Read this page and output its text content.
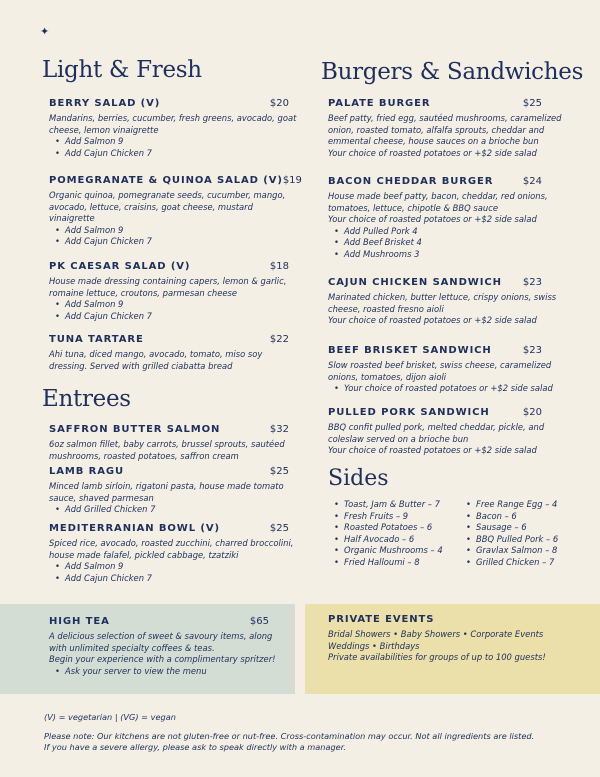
✦
Light & Fresh
BERRY SALAD (V)	$20
Mandarins, berries, cucumber, fresh greens, avocado, goat
cheese, lemon vinaigrette
• Add Salmon 9
• Add Cajun Chicken 7
POMEGRANATE & QUINOA SALAD (V) $19
Organic quinoa, pomegranate seeds, cucumber, mango,
avocado, lettuce, craisins, goat cheese, mustard
vinaigrette
• Add Salmon 9
• Add Cajun Chicken 7
PK CAESAR SALAD (V)	$18
House made dressing containing capers, lemon & garlic,
romaine lettuce, croutons, parmesan cheese
• Add Salmon 9
• Add Cajun Chicken 7
TUNA TARTARE	$22
Ahi tuna, diced mango, avocado, tomato, miso soy
dressing. Served with grilled ciabatta bread
Entrees
SAFFRON BUTTER SALMON	$32
6oz salmon fillet, baby carrots, brussel sprouts, sautéed
mushrooms, roasted potatoes, saffron cream
LAMB RAGU	$25
Minced lamb sirloin, rigatoni pasta, house made tomato
sauce, shaved parmesan
• Add Grilled Chicken 7
MEDITERRANIAN BOWL (V)	$25
Spiced rice, avocado, roasted zucchini, charred broccolini,
house made falafel, pickled cabbage, tzatziki
• Add Salmon 9
• Add Cajun Chicken 7
Burgers & Sandwiches
PALATE BURGER	$25
Beef patty, fried egg, sautéed mushrooms, caramelized
onion, roasted tomato, alfalfa sprouts, cheddar and
emmental cheese, house sauces on a brioche bun
Your choice of roasted potatoes or +$2 side salad
BACON CHEDDAR BURGER	$24
House made beef patty, bacon, cheddar, red onions,
tomatoes, lettuce, chipotle & BBQ sauce
Your choice of roasted potatoes or +$2 side salad
• Add Pulled Pork 4
• Add Beef Brisket 4
• Add Mushrooms 3
CAJUN CHICKEN SANDWICH $23
Marinated chicken, butter lettuce, crispy onions, swiss
cheese, roasted fresno aioli
Your choice of roasted potatoes or +$2 side salad
BEEF BRISKET SANDWICH	$23
Slow roasted beef brisket, swiss cheese, caramelized
onions, tomatoes, dijon aioli
• Your choice of roasted potatoes or +$2 side salad
PULLED PORK SANDWICH	$20
BBQ confit pulled pork, melted cheddar, pickle, and
coleslaw served on a brioche bun
Your choice of roasted potatoes or +$2 side salad
Sides
• Toast, Jam & Butter – 7
• Fresh Fruits – 9
• Roasted Potatoes – 6
• Half Avocado – 6
• Organic Mushrooms – 4
• Fried Halloumi – 8
• Free Range Egg – 4
• Bacon – 6
• Sausage – 6
• BBQ Pulled Pork – 6
• Gravlax Salmon – 8
• Grilled Chicken – 7
HIGH TEA	$65
A delicious selection of sweet & savoury items, along
with unlimited specialty coffees & teas.
Begin your experience with a complimentary spritzer!
• Ask your server to view the menu
PRIVATE EVENTS
Bridal Showers • Baby Showers • Corporate Events
Weddings • Birthdays
Private availabilities for groups of up to 100 guests!
(V) = vegetarian | (VG) = vegan
Please note: Our kitchens are not gluten-free or nut-free. Cross-contamination may occur. Not all ingredients are listed.
If you have a severe allergy, please ask to speak directly with a manager.
